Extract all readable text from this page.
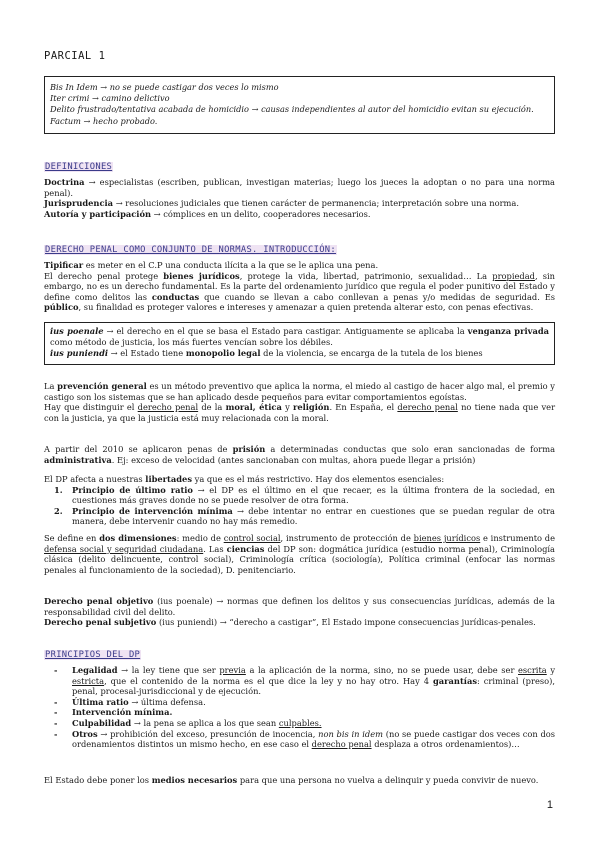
PARCIAL 1

Bis In Idem → no se puede castigar dos veces lo mismo

Iter crimi → camino delictivo

Delito frustrado/tentativa acabada de homicidio → causas independientes al autor del homicidio evitan su ejecución.

Factum → hecho probado.

DEFINICIONES

Doctrina → especialistas (escriben, publican, investigan materias; luego los jueces la adoptan o no para una norma penal).

Jurisprudencia → resoluciones judiciales que tienen carácter de permanencia; interpretación sobre una norma.

Autoría y participación → cómplices en un delito, cooperadores necesarios.

DERECHO PENAL COMO CONJUNTO DE NORMAS. INTRODUCCIÓN:

Tipificar es meter en el C.P una conducta ilícita a la que se le aplica una pena.

El derecho penal protege bienes jurídicos, protege la vida, libertad, patrimonio, sexualidad… La propiedad, sin embargo, no es un derecho fundamental. Es la parte del ordenamiento jurídico que regula el poder punitivo del Estado y define como delitos las conductas que cuando se llevan a cabo conllevan a penas y/o medidas de seguridad. Es público, su finalidad es proteger valores e intereses y amenazar a quien pretenda alterar esto, con penas efectivas.

ius poenale → el derecho en el que se basa el Estado para castigar. Antiguamente se aplicaba la venganza privada como método de justicia, los más fuertes vencían sobre los débiles.

ius puniendi → el Estado tiene monopolio legal de la violencia, se encarga de la tutela de los bienes

La prevención general es un método preventivo que aplica la norma, el miedo al castigo de hacer algo mal, el premio y castigo son los sistemas que se han aplicado desde pequeños para evitar comportamientos egoístas.

Hay que distinguir el derecho penal de la moral, ética y religión. En España, el derecho penal no tiene nada que ver con la justicia, ya que la justicia está muy relacionada con la moral.

A partir del 2010 se aplicaron penas de prisión a determinadas conductas que solo eran sancionadas de forma administrativa. Ej: exceso de velocidad (antes sancionaban con multas, ahora puede llegar a prisión)

El DP afecta a nuestras libertades ya que es el más restrictivo. Hay dos elementos esenciales:

1. Principio de último ratio → el DP es el último en el que recaer, es la última frontera de la sociedad, en cuestiones más graves donde no se puede resolver de otra forma.
2. Principio de intervención mínima → debe intentar no entrar en cuestiones que se puedan regular de otra manera, debe intervenir cuando no hay más remedio.

Se define en dos dimensiones: medio de control social, instrumento de protección de bienes jurídicos e instrumento de defensa social y seguridad ciudadana. Las ciencias del DP son: dogmática jurídica (estudio norma penal), Criminología clásica (delito delincuente, control social), Criminología crítica (sociología), Política criminal (enfocar las normas penales al funcionamiento de la sociedad), D. penitenciario.

Derecho penal objetivo (ius poenale) → normas que definen los delitos y sus consecuencias jurídicas, además de la responsabilidad civil del delito.

Derecho penal subjetivo (ius puniendi) → “derecho a castigar”, El Estado impone consecuencias jurídicas-penales.

PRINCIPIOS DEL DP
- Legalidad → la ley tiene que ser previa a la aplicación de la norma, sino, no se puede usar, debe ser escrita y estricta, que el contenido de la norma es el que dice la ley y no hay otro. Hay 4 garantías: criminal (preso), penal, procesal-jurisdiccional y de ejecución.
- Última ratio → última defensa.
- Intervención mínima.
- Culpabilidad → la pena se aplica a los que sean culpables.
- Otros → prohibición del exceso, presunción de inocencia, non bis in idem (no se puede castigar dos veces con dos ordenamientos distintos un mismo hecho, en ese caso el derecho penal desplaza a otros ordenamientos)…

El Estado debe poner los medios necesarios para que una persona no vuelva a delinquir y pueda convivir de nuevo.

1
